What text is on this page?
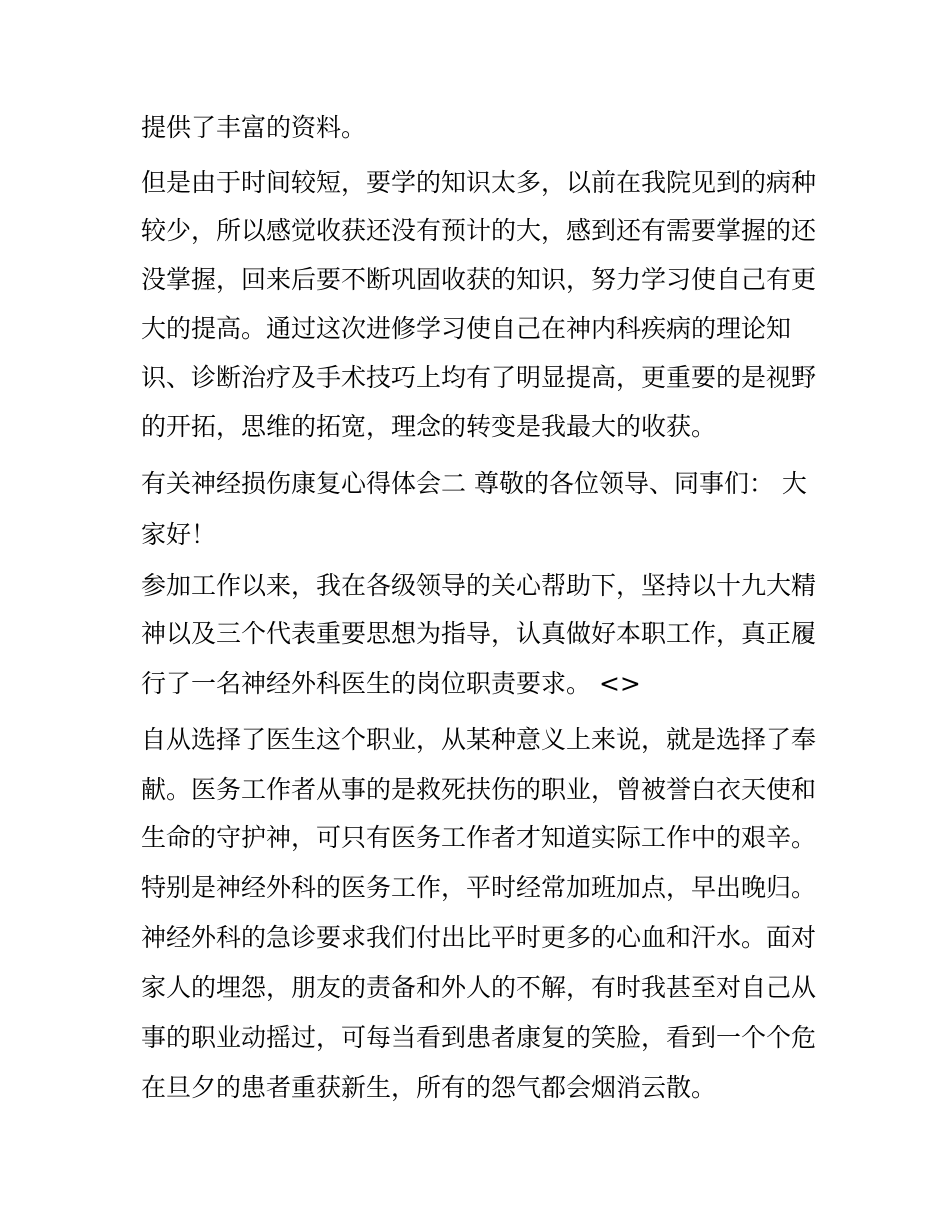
提供了丰富的资料。
但是由于时间较短，要学的知识太多，以前在我院见到的病种
较少，所以感觉收获还没有预计的大，感到还有需要掌握的还
没掌握，回来后要不断巩固收获的知识，努力学习使自己有更
大的提高。通过这次进修学习使自己在神内科疾病的理论知
识、诊断治疗及手术技巧上均有了明显提高，更重要的是视野
的开拓，思维的拓宽，理念的转变是我最大的收获。
有关神经损伤康复心得体会二 尊敬的各位领导、同事们： 大
家好！
参加工作以来，我在各级领导的关心帮助下，坚持以十九大精
神以及三个代表重要思想为指导，认真做好本职工作，真正履
行了一名神经外科医生的岗位职责要求。 <>
自从选择了医生这个职业，从某种意义上来说，就是选择了奉
献。医务工作者从事的是救死扶伤的职业，曾被誉白衣天使和
生命的守护神，可只有医务工作者才知道实际工作中的艰辛。
特别是神经外科的医务工作，平时经常加班加点，早出晚归。
神经外科的急诊要求我们付出比平时更多的心血和汗水。面对
家人的埋怨，朋友的责备和外人的不解，有时我甚至对自己从
事的职业动摇过，可每当看到患者康复的笑脸，看到一个个危
在旦夕的患者重获新生，所有的怨气都会烟消云散。
